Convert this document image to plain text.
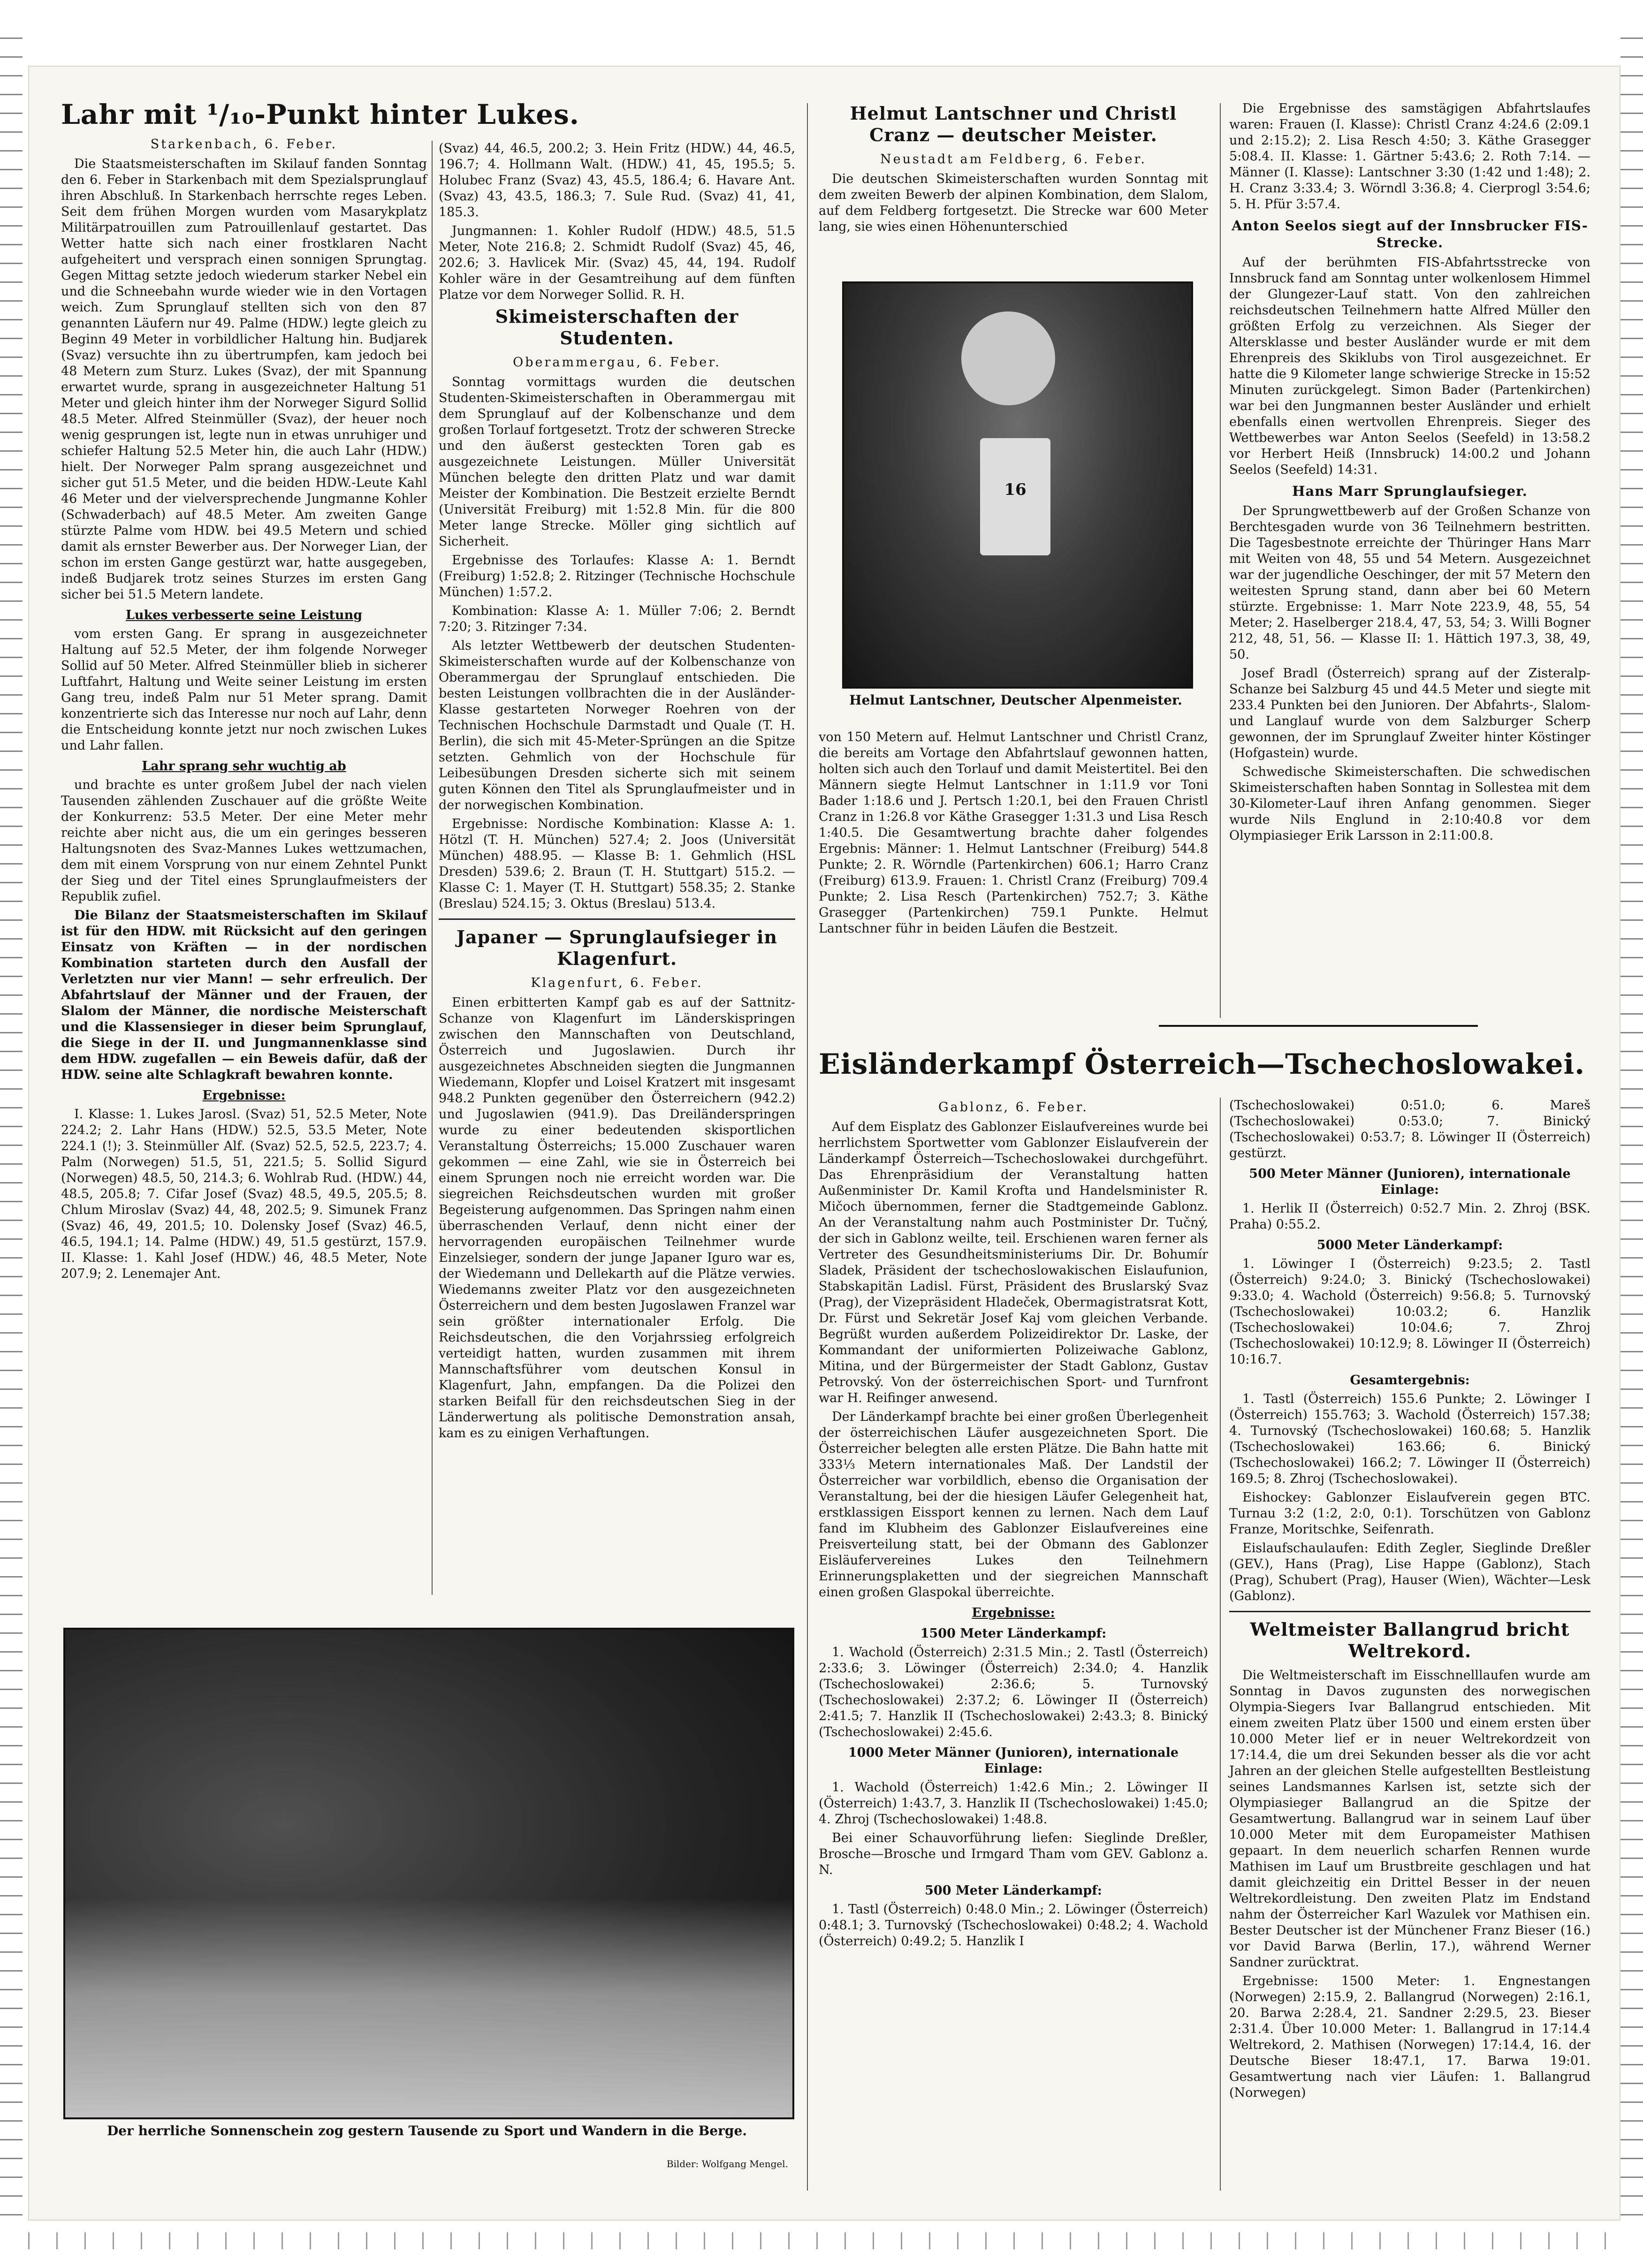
Lahr mit ¹/₁₀-Punkt hinter Lukes.
Starkenbach, 6. Feber.

Die Staatsmeisterschaften im Skilauf fanden Sonntag den 6. Feber in Starkenbach mit dem Spezialsprunglauf ihren Abschluß. In Starkenbach herrschte reges Leben. Seit dem frühen Morgen wurden vom Masarykplatz Militärpatrouillen zum Patrouillenlauf gestartet. Das Wetter hatte sich nach einer frostklaren Nacht aufgeheitert und versprach einen sonnigen Sprungtag. Gegen Mittag setzte jedoch wiederum starker Nebel ein und die Schneebahn wurde wieder wie in den Vortagen weich. Zum Sprunglauf stellten sich von den 87 genannten Läufern nur 49. Palme (HDW.) legte gleich zu Beginn 49 Meter in vorbildlicher Haltung hin. Budjarek (Svaz) versuchte ihn zu übertrumpfen, kam jedoch bei 48 Metern zum Sturz. Lukes (Svaz), der mit Spannung erwartet wurde, sprang in ausgezeichneter Haltung 51 Meter und gleich hinter ihm der Norweger Sigurd Sollid 48.5 Meter. Alfred Steinmüller (Svaz), der heuer noch wenig gesprungen ist, legte nun in etwas unruhiger und schiefer Haltung 52.5 Meter hin, die auch Lahr (HDW.) hielt. Der Norweger Palm sprang ausgezeichnet und sicher gut 51.5 Meter, und die beiden HDW.-Leute Kahl 46 Meter und der vielversprechende Jungmanne Kohler (Schwaderbach) auf 48.5 Meter. Am zweiten Gange stürzte Palme vom HDW. bei 49.5 Metern und schied damit als ernster Bewerber aus. Der Norweger Lian, der schon im ersten Gange gestürzt war, hatte ausgegeben, indeß Budjarek trotz seines Sturzes im ersten Gang sicher bei 51.5 Metern landete.

Lukes verbesserte seine Leistung

vom ersten Gang. Er sprang in ausgezeichneter Haltung auf 52.5 Meter, der ihm folgende Norweger Sollid auf 50 Meter. Alfred Steinmüller blieb in sicherer Luftfahrt, Haltung und Weite seiner Leistung im ersten Gang treu, indeß Palm nur 51 Meter sprang. Damit konzentrierte sich das Interesse nur noch auf Lahr, denn die Entscheidung konnte jetzt nur noch zwischen Lukes und Lahr fallen.

Lahr sprang sehr wuchtig ab

und brachte es unter großem Jubel der nach vielen Tausenden zählenden Zuschauer auf die größte Weite der Konkurrenz: 53.5 Meter. Der eine Meter mehr reichte aber nicht aus, die um ein geringes besseren Haltungsnoten des Svaz-Mannes Lukes wettzumachen, dem mit einem Vorsprung von nur einem Zehntel Punkt der Sieg und der Titel eines Sprunglaufmeisters der Republik zufiel.

Die Bilanz der Staatsmeisterschaften im Skilauf ist für den HDW. mit Rücksicht auf den geringen Einsatz von Kräften — in der nordischen Kombination starteten durch den Ausfall der Verletzten nur vier Mann! — sehr erfreulich. Der Abfahrtslauf der Männer und der Frauen, der Slalom der Männer, die nordische Meisterschaft und die Klassensieger in dieser beim Sprunglauf, die Siege in der II. und Jungmannenklasse sind dem HDW. zugefallen — ein Beweis dafür, daß der HDW. seine alte Schlagkraft bewahren konnte.

Ergebnisse:

I. Klasse: 1. Lukes Jarosl. (Svaz) 51, 52.5 Meter, Note 224.2; 2. Lahr Hans (HDW.) 52.5, 53.5 Meter, Note 224.1 (!); 3. Steinmüller Alf. (Svaz) 52.5, 52.5, 223.7; 4. Palm (Norwegen) 51.5, 51, 221.5; 5. Sollid Sigurd (Norwegen) 48.5, 50, 214.3; 6. Wohlrab Rud. (HDW.) 44, 48.5, 205.8; 7. Cifar Josef (Svaz) 48.5, 49.5, 205.5; 8. Chlum Miroslav (Svaz) 44, 48, 202.5; 9. Simunek Franz (Svaz) 46, 49, 201.5; 10. Dolensky Josef (Svaz) 46.5, 46.5, 194.1; 14. Palme (HDW.) 49, 51.5 gestürzt, 157.9. II. Klasse: 1. Kahl Josef (HDW.) 46, 48.5 Meter, Note 207.9; 2. Lenemajer Ant.

(Svaz) 44, 46.5, 200.2; 3. Hein Fritz (HDW.) 44, 46.5, 196.7; 4. Hollmann Walt. (HDW.) 41, 45, 195.5; 5. Holubec Franz (Svaz) 43, 45.5, 186.4; 6. Havare Ant. (Svaz) 43, 43.5, 186.3; 7. Sule Rud. (Svaz) 41, 41, 185.3.

Jungmannen: 1. Kohler Rudolf (HDW.) 48.5, 51.5 Meter, Note 216.8; 2. Schmidt Rudolf (Svaz) 45, 46, 202.6; 3. Havlicek Mir. (Svaz) 45, 44, 194. Rudolf Kohler wäre in der Gesamtreihung auf dem fünften Platze vor dem Norweger Sollid. R. H.

Skimeisterschaften der Studenten.
Oberammergau, 6. Feber.

Sonntag vormittags wurden die deutschen Studenten-Skimeisterschaften in Oberammergau mit dem Sprunglauf auf der Kolbenschanze und dem großen Torlauf fortgesetzt. Trotz der schweren Strecke und den äußerst gesteckten Toren gab es ausgezeichnete Leistungen. Müller Universität München belegte den dritten Platz und war damit Meister der Kombination. Die Bestzeit erzielte Berndt (Universität Freiburg) mit 1:52.8 Min. für die 800 Meter lange Strecke. Möller ging sichtlich auf Sicherheit.

Ergebnisse des Torlaufes: Klasse A: 1. Berndt (Freiburg) 1:52.8; 2. Ritzinger (Technische Hochschule München) 1:57.2.

Kombination: Klasse A: 1. Müller 7:06; 2. Berndt 7:20; 3. Ritzinger 7:34.

Als letzter Wettbewerb der deutschen Studenten-Skimeisterschaften wurde auf der Kolbenschanze von Oberammergau der Sprunglauf entschieden. Die besten Leistungen vollbrachten die in der Ausländer-Klasse gestarteten Norweger Roehren von der Technischen Hochschule Darmstadt und Quale (T. H. Berlin), die sich mit 45-Meter-Sprüngen an die Spitze setzten. Gehmlich von der Hochschule für Leibesübungen Dresden sicherte sich mit seinem guten Können den Titel als Sprunglaufmeister und in der norwegischen Kombination.

Ergebnisse: Nordische Kombination: Klasse A: 1. Hötzl (T. H. München) 527.4; 2. Joos (Universität München) 488.95. — Klasse B: 1. Gehmlich (HSL Dresden) 539.6; 2. Braun (T. H. Stuttgart) 515.2. — Klasse C: 1. Mayer (T. H. Stuttgart) 558.35; 2. Stanke (Breslau) 524.15; 3. Oktus (Breslau) 513.4.

Japaner — Sprunglaufsieger in Klagenfurt.
Klagenfurt, 6. Feber.

Einen erbitterten Kampf gab es auf der Sattnitz-Schanze von Klagenfurt im Länderskispringen zwischen den Mannschaften von Deutschland, Österreich und Jugoslawien. Durch ihr ausgezeichnetes Abschneiden siegten die Jungmannen Wiedemann, Klopfer und Loisel Kratzert mit insgesamt 948.2 Punkten gegenüber den Österreichern (942.2) und Jugoslawien (941.9). Das Dreiländerspringen wurde zu einer bedeutenden skisportlichen Veranstaltung Österreichs; 15.000 Zuschauer waren gekommen — eine Zahl, wie sie in Österreich bei einem Sprungen noch nie erreicht worden war. Die siegreichen Reichsdeutschen wurden mit großer Begeisterung aufgenommen. Das Springen nahm einen überraschenden Verlauf, denn nicht einer der hervorragenden europäischen Teilnehmer wurde Einzelsieger, sondern der junge Japaner Iguro war es, der Wiedemann und Dellekarth auf die Plätze verwies. Wiedemanns zweiter Platz vor den ausgezeichneten Österreichern und dem besten Jugoslawen Franzel war sein größter internationaler Erfolg. Die Reichsdeutschen, die den Vorjahrssieg erfolgreich verteidigt hatten, wurden zusammen mit ihrem Mannschaftsführer vom deutschen Konsul in Klagenfurt, Jahn, empfangen. Da die Polizei den starken Beifall für den reichsdeutschen Sieg in der Länderwertung als politische Demonstration ansah, kam es zu einigen Verhaftungen.

Der herrliche Sonnenschein zog gestern Tausende zu Sport und Wandern in die Berge.
Bilder: Wolfgang Mengel.
Helmut Lantschner und Christl Cranz — deutscher Meister.
Neustadt am Feldberg, 6. Feber.

Die deutschen Skimeisterschaften wurden Sonntag mit dem zweiten Bewerb der alpinen Kombination, dem Slalom, auf dem Feldberg fortgesetzt. Die Strecke war 600 Meter lang, sie wies einen Höhenunterschied

16
Helmut Lantschner, Deutscher Alpenmeister.

von 150 Metern auf. Helmut Lantschner und Christl Cranz, die bereits am Vortage den Abfahrtslauf gewonnen hatten, holten sich auch den Torlauf und damit Meistertitel. Bei den Männern siegte Helmut Lantschner in 1:11.9 vor Toni Bader 1:18.6 und J. Pertsch 1:20.1, bei den Frauen Christl Cranz in 1:26.8 vor Käthe Grasegger 1:31.3 und Lisa Resch 1:40.5. Die Gesamtwertung brachte daher folgendes Ergebnis: Männer: 1. Helmut Lantschner (Freiburg) 544.8 Punkte; 2. R. Wörndle (Partenkirchen) 606.1; Harro Cranz (Freiburg) 613.9. Frauen: 1. Christl Cranz (Freiburg) 709.4 Punkte; 2. Lisa Resch (Partenkirchen) 752.7; 3. Käthe Grasegger (Partenkirchen) 759.1 Punkte. Helmut Lantschner führ in beiden Läufen die Bestzeit.

Die Ergebnisse des samstägigen Abfahrtslaufes waren: Frauen (I. Klasse): Christl Cranz 4:24.6 (2:09.1 und 2:15.2); 2. Lisa Resch 4:50; 3. Käthe Grasegger 5:08.4. II. Klasse: 1. Gärtner 5:43.6; 2. Roth 7:14. — Männer (I. Klasse): Lantschner 3:30 (1:42 und 1:48); 2. H. Cranz 3:33.4; 3. Wörndl 3:36.8; 4. Cierprogl 3:54.6; 5. H. Pfür 3:57.4.

Anton Seelos siegt auf der Innsbrucker FIS-Strecke.

Auf der berühmten FIS-Abfahrtsstrecke von Innsbruck fand am Sonntag unter wolkenlosem Himmel der Glungezer-Lauf statt. Von den zahlreichen reichsdeutschen Teilnehmern hatte Alfred Müller den größten Erfolg zu verzeichnen. Als Sieger der Altersklasse und bester Ausländer wurde er mit dem Ehrenpreis des Skiklubs von Tirol ausgezeichnet. Er hatte die 9 Kilometer lange schwierige Strecke in 15:52 Minuten zurückgelegt. Simon Bader (Partenkirchen) war bei den Jungmannen bester Ausländer und erhielt ebenfalls einen wertvollen Ehrenpreis. Sieger des Wettbewerbes war Anton Seelos (Seefeld) in 13:58.2 vor Herbert Heiß (Innsbruck) 14:00.2 und Johann Seelos (Seefeld) 14:31.

Hans Marr Sprunglaufsieger.

Der Sprungwettbewerb auf der Großen Schanze von Berchtesgaden wurde von 36 Teilnehmern bestritten. Die Tagesbestnote erreichte der Thüringer Hans Marr mit Weiten von 48, 55 und 54 Metern. Ausgezeichnet war der jugendliche Oeschinger, der mit 57 Metern den weitesten Sprung stand, dann aber bei 60 Metern stürzte. Ergebnisse: 1. Marr Note 223.9, 48, 55, 54 Meter; 2. Haselberger 218.4, 47, 53, 54; 3. Willi Bogner 212, 48, 51, 56. — Klasse II: 1. Hättich 197.3, 38, 49, 50.

Josef Bradl (Österreich) sprang auf der Zisteralp-Schanze bei Salzburg 45 und 44.5 Meter und siegte mit 233.4 Punkten bei den Junioren. Der Abfahrts-, Slalom- und Langlauf wurde von dem Salzburger Scherp gewonnen, der im Sprunglauf Zweiter hinter Köstinger (Hofgastein) wurde.

Schwedische Skimeisterschaften. Die schwedischen Skimeisterschaften haben Sonntag in Sollestea mit dem 30-Kilometer-Lauf ihren Anfang genommen. Sieger wurde Nils Englund in 2:10:40.8 vor dem Olympiasieger Erik Larsson in 2:11:00.8.

Eisländerkampf Österreich—Tschechoslowakei.
Gablonz, 6. Feber.

Auf dem Eisplatz des Gablonzer Eislaufvereines wurde bei herrlichstem Sportwetter vom Gablonzer Eislaufverein der Länderkampf Österreich—Tschechoslowakei durchgeführt. Das Ehrenpräsidium der Veranstaltung hatten Außenminister Dr. Kamil Krofta und Handelsminister R. Mičoch übernommen, ferner die Stadtgemeinde Gablonz. An der Veranstaltung nahm auch Postminister Dr. Tučný, der sich in Gablonz weilte, teil. Erschienen waren ferner als Vertreter des Gesundheitsministeriums Dir. Dr. Bohumír Sladek, Präsident der tschechoslowakischen Eislaufunion, Stabskapitän Ladisl. Fürst, Präsident des Bruslarský Svaz (Prag), der Vizepräsident Hladeček, Obermagistratsrat Kott, Dr. Fürst und Sekretär Josef Kaj vom gleichen Verbande. Begrüßt wurden außerdem Polizeidirektor Dr. Laske, der Kommandant der uniformierten Polizeiwache Gablonz, Mitina, und der Bürgermeister der Stadt Gablonz, Gustav Petrovský. Von der österreichischen Sport- und Turnfront war H. Reifinger anwesend.

Der Länderkampf brachte bei einer großen Überlegenheit der österreichischen Läufer ausgezeichneten Sport. Die Österreicher belegten alle ersten Plätze. Die Bahn hatte mit 333⅓ Metern internationales Maß. Der Landstil der Österreicher war vorbildlich, ebenso die Organisation der Veranstaltung, bei der die hiesigen Läufer Gelegenheit hat, erstklassigen Eissport kennen zu lernen. Nach dem Lauf fand im Klubheim des Gablonzer Eislaufvereines eine Preisverteilung statt, bei der Obmann des Gablonzer Eisläufervereines Lukes den Teilnehmern Erinnerungsplaketten und der siegreichen Mannschaft einen großen Glaspokal überreichte.

Ergebnisse:
1500 Meter Länderkampf:

1. Wachold (Österreich) 2:31.5 Min.; 2. Tastl (Österreich) 2:33.6; 3. Löwinger (Österreich) 2:34.0; 4. Hanzlik (Tschechoslowakei) 2:36.6; 5. Turnovský (Tschechoslowakei) 2:37.2; 6. Löwinger II (Österreich) 2:41.5; 7. Hanzlik II (Tschechoslowakei) 2:43.3; 8. Binický (Tschechoslowakei) 2:45.6.

1000 Meter Männer (Junioren), internationale Einlage:

1. Wachold (Österreich) 1:42.6 Min.; 2. Löwinger II (Österreich) 1:43.7, 3. Hanzlik II (Tschechoslowakei) 1:45.0; 4. Zhroj (Tschechoslowakei) 1:48.8.

Bei einer Schauvorführung liefen: Sieglinde Dreßler, Brosche—Brosche und Irmgard Tham vom GEV. Gablonz a. N.

500 Meter Länderkampf:

1. Tastl (Österreich) 0:48.0 Min.; 2. Löwinger (Österreich) 0:48.1; 3. Turnovský (Tschechoslowakei) 0:48.2; 4. Wachold (Österreich) 0:49.2; 5. Hanzlik I

(Tschechoslowakei) 0:51.0; 6. Mareš (Tschechoslowakei) 0:53.0; 7. Binický (Tschechoslowakei) 0:53.7; 8. Löwinger II (Österreich) gestürzt.

500 Meter Männer (Junioren), internationale Einlage:

1. Herlik II (Österreich) 0:52.7 Min. 2. Zhroj (BSK. Praha) 0:55.2.

5000 Meter Länderkampf:

1. Löwinger I (Österreich) 9:23.5; 2. Tastl (Österreich) 9:24.0; 3. Binický (Tschechoslowakei) 9:33.0; 4. Wachold (Österreich) 9:56.8; 5. Turnovský (Tschechoslowakei) 10:03.2; 6. Hanzlik (Tschechoslowakei) 10:04.6; 7. Zhroj (Tschechoslowakei) 10:12.9; 8. Löwinger II (Österreich) 10:16.7.

Gesamtergebnis:

1. Tastl (Österreich) 155.6 Punkte; 2. Löwinger I (Österreich) 155.763; 3. Wachold (Österreich) 157.38; 4. Turnovský (Tschechoslowakei) 160.68; 5. Hanzlik (Tschechoslowakei) 163.66; 6. Binický (Tschechoslowakei) 166.2; 7. Löwinger II (Österreich) 169.5; 8. Zhroj (Tschechoslowakei).

Eishockey: Gablonzer Eislaufverein gegen BTC. Turnau 3:2 (1:2, 2:0, 0:1). Torschützen von Gablonz Franze, Moritschke, Seifenrath.

Eislaufschaulaufen: Edith Zegler, Sieglinde Dreßler (GEV.), Hans (Prag), Lise Happe (Gablonz), Stach (Prag), Schubert (Prag), Hauser (Wien), Wächter—Lesk (Gablonz).

Weltmeister Ballangrud bricht Weltrekord.

Die Weltmeisterschaft im Eisschnelllaufen wurde am Sonntag in Davos zugunsten des norwegischen Olympia-Siegers Ivar Ballangrud entschieden. Mit einem zweiten Platz über 1500 und einem ersten über 10.000 Meter lief er in neuer Weltrekordzeit von 17:14.4, die um drei Sekunden besser als die vor acht Jahren an der gleichen Stelle aufgestellten Bestleistung seines Landsmannes Karlsen ist, setzte sich der Olympiasieger Ballangrud an die Spitze der Gesamtwertung. Ballangrud war in seinem Lauf über 10.000 Meter mit dem Europameister Mathisen gepaart. In dem neuerlich scharfen Rennen wurde Mathisen im Lauf um Brustbreite geschlagen und hat damit gleichzeitig ein Drittel Besser in der neuen Weltrekordleistung. Den zweiten Platz im Endstand nahm der Österreicher Karl Wazulek vor Mathisen ein. Bester Deutscher ist der Münchener Franz Bieser (16.) vor David Barwa (Berlin, 17.), während Werner Sandner zurücktrat.

Ergebnisse: 1500 Meter: 1. Engnestangen (Norwegen) 2:15.9, 2. Ballangrud (Norwegen) 2:16.1, 20. Barwa 2:28.4, 21. Sandner 2:29.5, 23. Bieser 2:31.4. Über 10.000 Meter: 1. Ballangrud in 17:14.4 Weltrekord, 2. Mathisen (Norwegen) 17:14.4, 16. der Deutsche Bieser 18:47.1, 17. Barwa 19:01. Gesamtwertung nach vier Läufen: 1. Ballangrud (Norwegen)
